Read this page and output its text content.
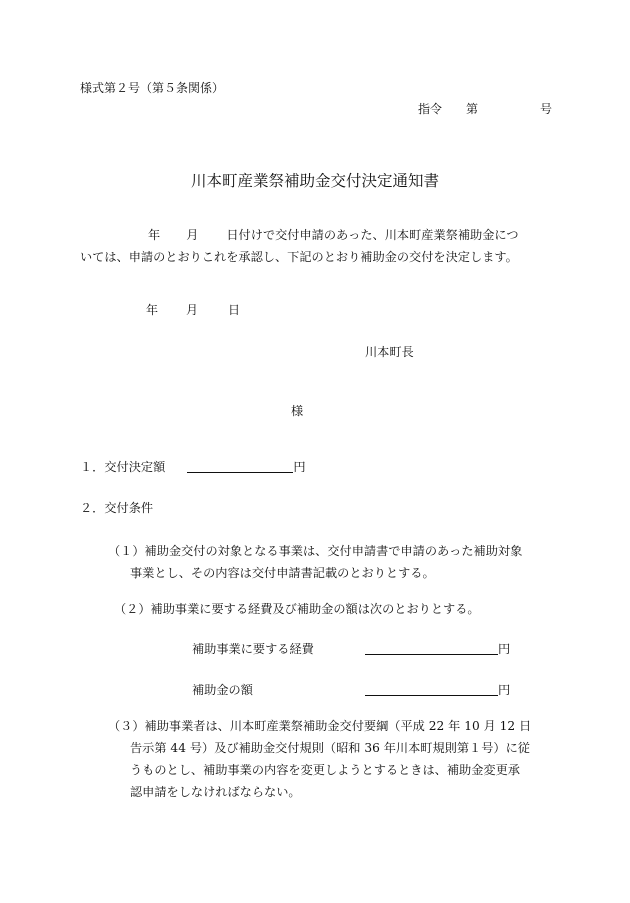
様式第２号（第５条関係）
指令 第	号
川本町産業祭補助金交付決定通知書
年 月 日付けで交付申請のあった、川本町産業祭補助金につ
いては、申請のとおりこれを承認し、下記のとおり補助金の交付を決定します。
年 月 日
川本町長
様
１．交付決定額	円
２．交付条件
（１）補助金交付の対象となる事業は、交付申請書で申請のあった補助対象
事業とし、その内容は交付申請書記載のとおりとする。
（２）補助事業に要する経費及び補助金の額は次のとおりとする。
補助事業に要する経費	円
補助金の額	円
（３）補助事業者は、川本町産業祭補助金交付要綱（平成 22 年 10 月 12 日
告示第 44 号）及び補助金交付規則（昭和 36 年川本町規則第１号）に従
うものとし、補助事業の内容を変更しようとするときは、補助金変更承
認申請をしなければならない。
